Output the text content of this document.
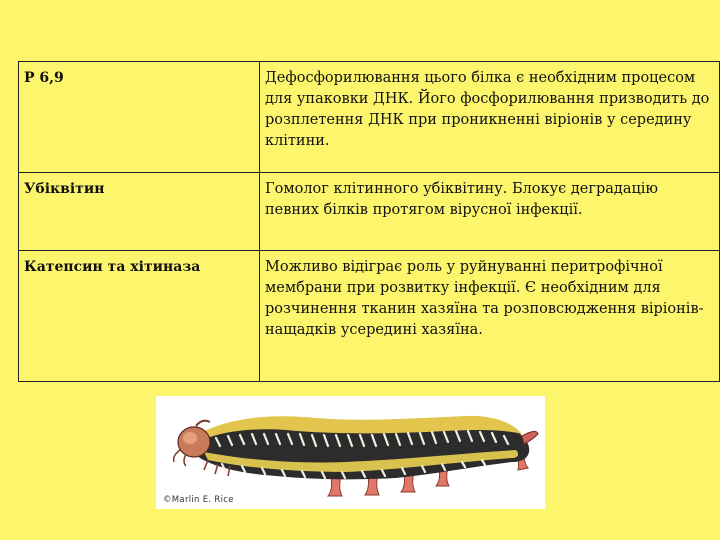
P 6,9	Дефосфорилювання цього білка є необхідним процесом для упаковки ДНК. Його фосфорилювання призводить до розплетення ДНК при проникненні віріонів у середину клітини.
Убіквітин	Гомолог клітинного убіквітину. Блокує деградацію певних білків протягом вірусної інфекції.
Катепсин та хітиназа	Можливо відіграє роль у руйнуванні перитрофічної мембрани при розвитку інфекції. Є необхідним для розчинення тканин хазяїна та розповсюдження віріонів-нащадків усередині хазяїна.
©Marlin E. Rice
